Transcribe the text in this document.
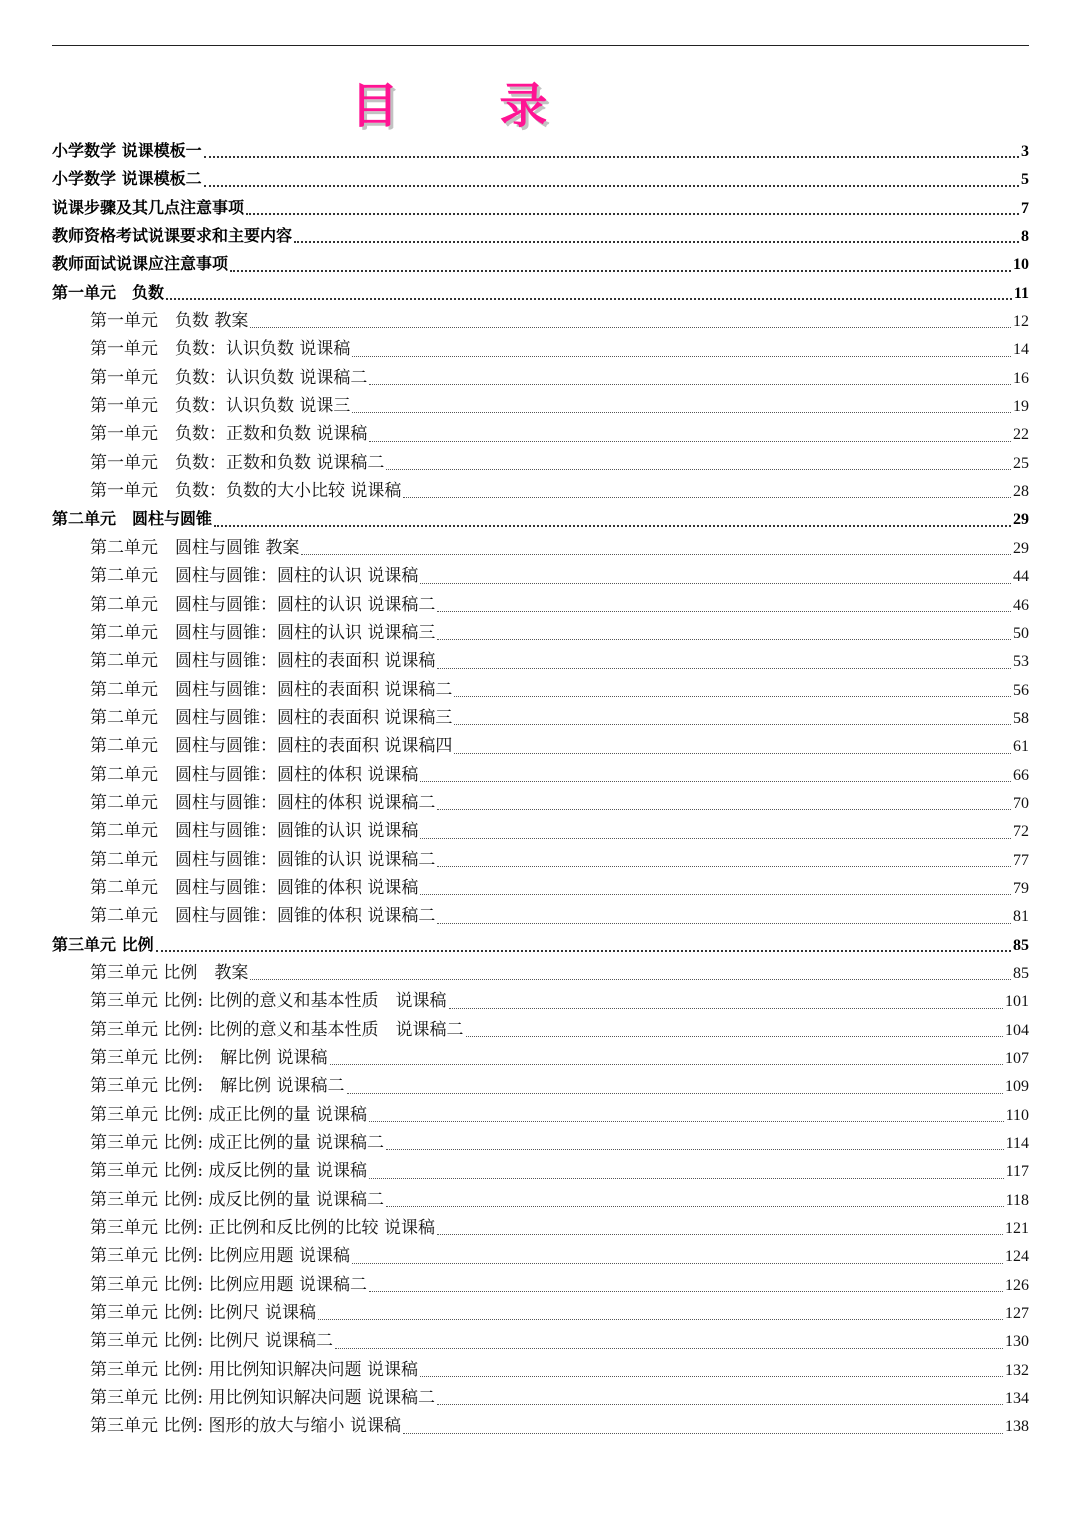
目 录
小学数学 说课模板一	3
小学数学 说课模板二	5
说课步骤及其几点注意事项	7
教师资格考试说课要求和主要内容	8
教师面试说课应注意事项	10
第一单元　负数	11
第一单元　负数 教案	12
第一单元　负数：认识负数 说课稿	14
第一单元　负数：认识负数 说课稿二	16
第一单元　负数：认识负数 说课三	19
第一单元　负数：正数和负数 说课稿	22
第一单元　负数：正数和负数 说课稿二	25
第一单元　负数：负数的大小比较 说课稿	28
第二单元　圆柱与圆锥	29
第二单元　圆柱与圆锥 教案	29
第二单元　圆柱与圆锥：圆柱的认识 说课稿	44
第二单元　圆柱与圆锥：圆柱的认识 说课稿二	46
第二单元　圆柱与圆锥：圆柱的认识 说课稿三	50
第二单元　圆柱与圆锥：圆柱的表面积 说课稿	53
第二单元　圆柱与圆锥：圆柱的表面积 说课稿二	56
第二单元　圆柱与圆锥：圆柱的表面积 说课稿三	58
第二单元　圆柱与圆锥：圆柱的表面积 说课稿四	61
第二单元　圆柱与圆锥：圆柱的体积 说课稿	66
第二单元　圆柱与圆锥：圆柱的体积 说课稿二	70
第二单元　圆柱与圆锥：圆锥的认识 说课稿	72
第二单元　圆柱与圆锥：圆锥的认识 说课稿二	77
第二单元　圆柱与圆锥：圆锥的体积 说课稿	79
第二单元　圆柱与圆锥：圆锥的体积 说课稿二	81
第三单元 比例	85
第三单元 比例　教案	85
第三单元 比例: 比例的意义和基本性质　说课稿	101
第三单元 比例: 比例的意义和基本性质　说课稿二	104
第三单元 比例:　解比例 说课稿	107
第三单元 比例:　解比例 说课稿二	109
第三单元 比例: 成正比例的量 说课稿	110
第三单元 比例: 成正比例的量 说课稿二	114
第三单元 比例: 成反比例的量 说课稿	117
第三单元 比例: 成反比例的量 说课稿二	118
第三单元 比例: 正比例和反比例的比较 说课稿	121
第三单元 比例: 比例应用题 说课稿	124
第三单元 比例: 比例应用题 说课稿二	126
第三单元 比例: 比例尺 说课稿	127
第三单元 比例: 比例尺 说课稿二	130
第三单元 比例: 用比例知识解决问题 说课稿	132
第三单元 比例: 用比例知识解决问题 说课稿二	134
第三单元 比例: 图形的放大与缩小 说课稿	138
